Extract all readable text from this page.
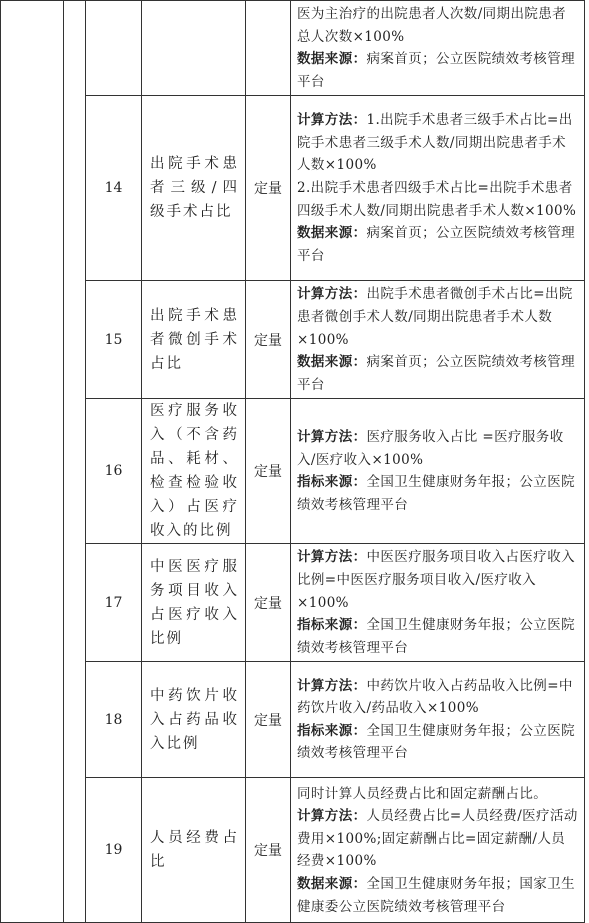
					医为主治疗的出院患者人次数/同期出院患者总人次数×100%

数据来源：病案首页；公立医院绩效考核管理平台

		14	出院手术患者三级/四级手术占比	定量	计算方法：1.出院手术患者三级手术占比=出院手术患者三级手术人数/同期出院患者手术人数×100%

2.出院手术患者四级手术占比=出院手术患者四级手术人数/同期出院患者手术人数×100%

数据来源：病案首页；公立医院绩效考核管理平台

		15	出院手术患者微创手术占比	定量	计算方法：出院手术患者微创手术占比=出院患者微创手术人数/同期出院患者手术人数×100%

数据来源：病案首页；公立医院绩效考核管理平台

		16	医疗服务收入（不含药品、耗材、检查检验收入）占医疗收入的比例	定量	计算方法：医疗服务收入占比 =医疗服务收入/医疗收入×100%

指标来源：全国卫生健康财务年报；公立医院绩效考核管理平台

		17	中医医疗服务项目收入占医疗收入比例	定量	计算方法：中医医疗服务项目收入占医疗收入比例=中医医疗服务项目收入/医疗收入×100%

指标来源：全国卫生健康财务年报；公立医院绩效考核管理平台

		18	中药饮片收入占药品收入比例	定量	计算方法：中药饮片收入占药品收入比例=中药饮片收入/药品收入×100%

指标来源：全国卫生健康财务年报；公立医院绩效考核管理平台

		19	人员经费占比	定量	同时计算人员经费占比和固定薪酬占比。

计算方法：人员经费占比=人员经费/医疗活动费用×100%;固定薪酬占比=固定薪酬/人员经费×100%

数据来源：全国卫生健康财务年报；国家卫生健康委公立医院绩效考核管理平台
